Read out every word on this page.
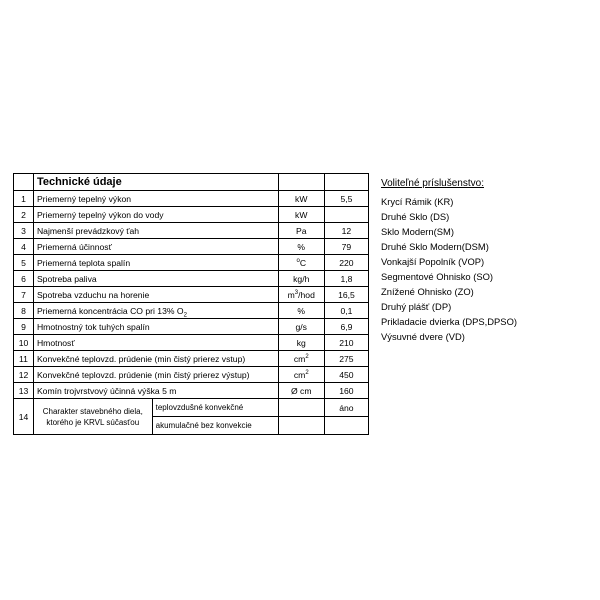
	Technické údaje			
1	Priemerný tepelný výkon		kW	5,5
2	Priemerný tepelný výkon do vody		kW	
3	Najmenší prevádzkový ťah		Pa	12
4	Priemerná účinnosť		%	79
5	Priemerná teplota spalín		$^o$C	220
6	Spotreba paliva		kg/h	1,8
7	Spotreba vzduchu na horenie		$m^3$/hod	16,5
8	Priemerná koncentrácia CO pri 13% $O_2$		%	0,1
9	Hmotnostný tok tuhých spalín		g/s	6,9
10	Hmotnosť		kg	210
11	Konvekčné teplovzd. prúdenie (min čistý prierez vstup)		$cm^2$	275
12	Konvekčné teplovzd. prúdenie (min čistý prierez výstup)		$cm^2$	450
13	Komín trojvrstvový účinná výška 5 m		Ø cm	160
14	Charakter stavebného diela, ktorého je KRVL súčasťou	teplovzdušné konvekčné		áno
		akumulačné bez konvekcie		
Voliteľné príslušenstvo:
Krycí Rámik (KR)
Druhé Sklo (DS)
Sklo Modern(SM)
Druhé Sklo Modern(DSM)
Vonkajší Popolník (VOP)
Segmentové Ohnisko (SO)
Znížené Ohnisko (ZO)
Druhý plášť (DP)
Prikladacie dvierka (DPS,DPSO)
Výsuvné dvere (VD)
